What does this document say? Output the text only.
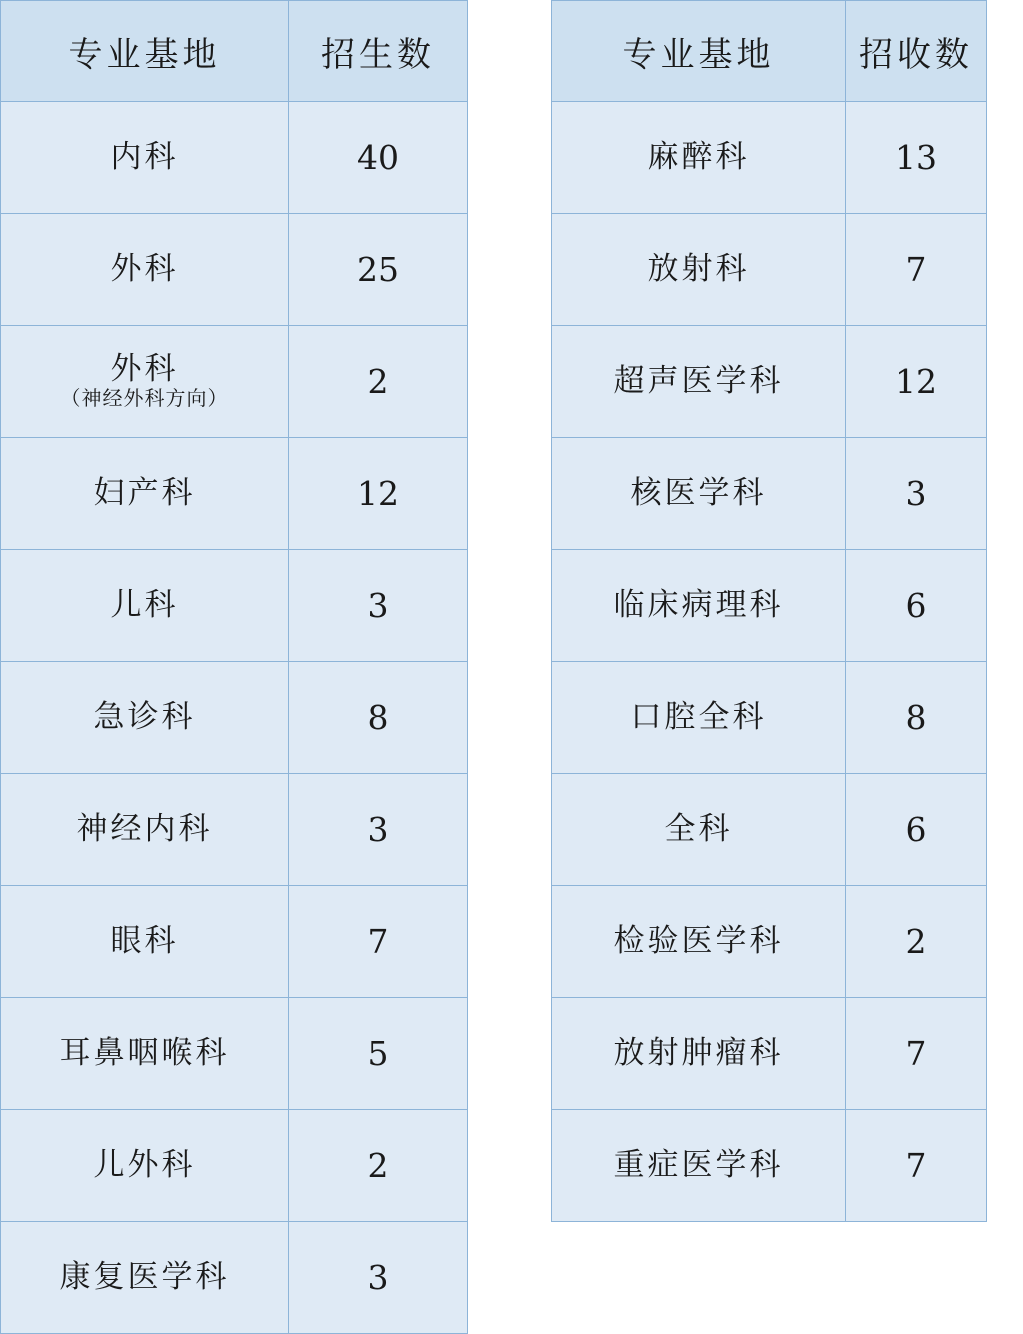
专业基地	招生数

内科	40

外科	25

外科
（神经外科方向）	2

妇产科	12

儿科	3

急诊科	8

神经内科	3

眼科	7

耳鼻咽喉科	5

儿外科	2

康复医学科	3
专业基地	招收数

麻醉科	13

放射科	7

超声医学科	12

核医学科	3

临床病理科	6

口腔全科	8

全科	6

检验医学科	2

放射肿瘤科	7

重症医学科	7
